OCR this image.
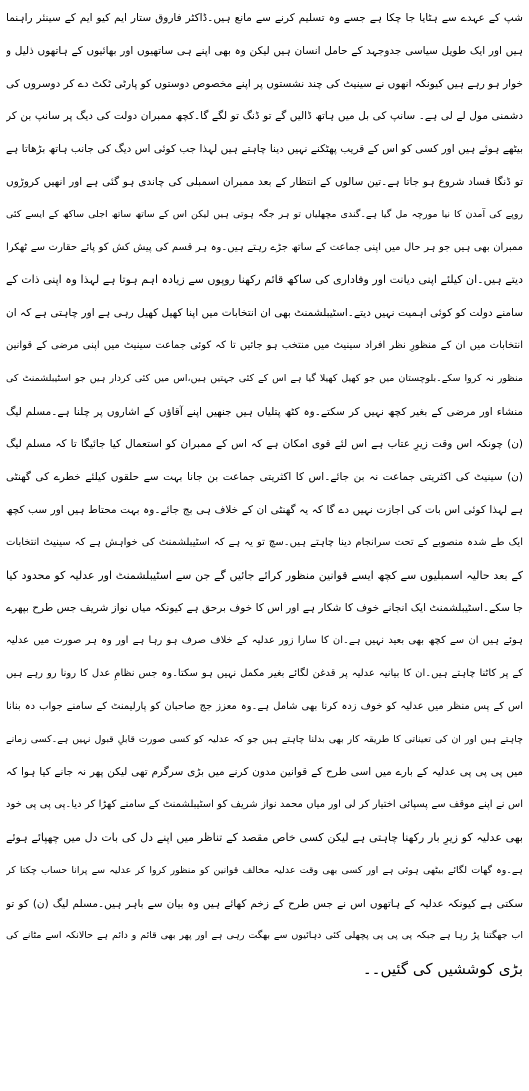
شپ کے عہدے سے ہٹایا جا چکا ہے جسے وہ تسلیم کرنے سے مانع ہیں۔ڈاکٹر فاروق ستار ایم کیو ایم کے سینئر راہنما
ہیں اور ایک طویل سیاسی جدوجہد کے حامل انسان ہیں لیکن وہ بھی اپنے ہی ساتھیوں اور بھائیوں کے ہاتھوں ذلیل و
خوار ہو رہے ہیں کیونکہ انھوں نے سینیٹ کی چند نشستوں پر اپنے مخصوص دوستوں کو پارٹی ٹکٹ دے کر دوسروں کی
دشمنی مول لے لی ہے۔ سانپ کی بل میں ہاتھ ڈالیں گے تو ڈنگ تو لگے گا۔کچھ ممبران دولت کی دیگ پر سانپ بن کر
بیٹھے ہوئے ہیں اور کسی کو اس کے قریب پھٹکنے نہیں دینا چاہتے ہیں لہذا جب کوئی اس دیگ کی جانب ہاتھ بڑھاتا ہے
تو ڈنگا فساد شروع ہو جاتا ہے۔تین سالوں کے انتظار کے بعد ممبران اسمبلی کی چاندی ہو گئی ہے اور انھیں کروڑوں
روپے کی آمدن کا نیا مورچہ مل گیا ہے۔گندی مچھلیاں تو ہر جگہ ہوتی ہیں لیکن اس کے ساتھ ساتھ اجلی ساکھ کے ایسے کئی
ممبران بھی ہیں جو ہر حال میں اپنی جماعت کے ساتھ جڑے رہتے ہیں۔وہ ہر قسم کی پیش کش کو پائے حقارت سے ٹھکرا
دیتے ہیں۔ان کیلئے اپنی دیانت اور وفاداری کی ساکھ قائم رکھنا روپوں سے زیادہ اہم ہوتا ہے لہذا وہ اپنی ذات کے
سامنے دولت کو کوئی اہمیت نہیں دیتے۔اسٹیبلشمنٹ بھی ان انتخابات میں اپنا کھیل کھیل رہی ہے اور چاہتی ہے کہ ان
انتخابات میں ان کے منظورِ نظر افراد سینیٹ میں منتخب ہو جائیں تا کہ کوئی جماعت سینیٹ میں اپنی مرضی کے قوانین
منظور نہ کروا سکے۔بلوچستان میں جو کھیل کھیلا گیا ہے اس کے کئی جہتیں ہیں،اس میں کئی کردار ہیں جو اسٹیبلشمنٹ کی
منشاء اور مرضی کے بغیر کچھ نہیں کر سکتے۔وہ کٹھ پتلیاں ہیں جنھیں اپنے آقاؤں کے اشاروں پر چلنا ہے۔مسلم لیگ
(ن) چونکہ اس وقت زیرِ عتاب ہے اس لئے قوی امکان ہے کہ اس کے ممبران کو استعمال کیا جائیگا تا کہ مسلم لیگ
(ن) سینیٹ کی اکثریتی جماعت نہ بن جائے۔اس کا اکثریتی جماعت بن جانا بہت سے حلقوں کیلئے خطرے کی گھنٹی
ہے لہذا کوئی اس بات کی اجازت نہیں دے گا کہ یہ گھنٹی ان کے خلاف ہی بج جائے۔وہ بہت محتاط ہیں اور سب کچھ
ایک طے شدہ منصوبے کے تحت سرانجام دینا چاہتے ہیں۔سچ تو یہ ہے کہ اسٹیبلشمنٹ کی خواہش ہے کہ سینیٹ انتخابات
کے بعد حالیہ اسمبلیوں سے کچھ ایسے قوانین منظور کرائے جائیں گے جن سے اسٹیبلشمنٹ اور عدلیہ کو محدود کیا
جا سکے۔اسٹیبلشمنٹ ایک انجانے خوف کا شکار ہے اور اس کا خوف برحق ہے کیونکہ میاں نواز شریف جس طرح بپھرے
ہوئے ہیں ان سے کچھ بھی بعید نہیں ہے۔ان کا سارا زور عدلیہ کے خلاف صرف ہو رہا ہے اور وہ ہر صورت میں عدلیہ
کے پر کاٹنا چاہتے ہیں۔ان کا بیانیہ عدلیہ پر قدغن لگائے بغیر مکمل نہیں ہو سکتا۔وہ جس نظامِ عدل کا رونا رو رہے ہیں
اس کے پس منظر میں عدلیہ کو خوف زدہ کرنا بھی شامل ہے۔وہ معزز جج صاحبان کو پارلیمنٹ کے سامنے جواب دہ بنانا
چاہتے ہیں اور ان کی تعیناتی کا طریقہ کار بھی بدلنا چاہتے ہیں جو کہ عدلیہ کو کسی صورت قابلِ قبول نہیں ہے۔کسی زمانے
میں پی پی پی عدلیہ کے بارے میں اسی طرح کے قوانین مدون کرنے میں بڑی سرگرم تھی لیکن پھر نہ جانے کیا ہوا کہ
اس نے اپنے موقف سے پسپائی اختیار کر لی اور میاں محمد نواز شریف کو اسٹیبلشمنٹ کے سامنے کھڑا کر دیا۔پی پی پی خود
بھی عدلیہ کو زیرِ بار رکھنا چاہتی ہے لیکن کسی خاص مقصد کے تناظر میں اپنے دل کی بات دل میں چھپائے ہوئے
ہے۔وہ گھات لگائے بیٹھی ہوئی ہے اور کسی بھی وقت عدلیہ مخالف قوانین کو منظور کروا کر عدلیہ سے پرانا حساب چکتا کر
سکتی ہے کیونکہ عدلیہ کے ہاتھوں اس نے جس طرح کے زخم کھائے ہیں وہ بیان سے باہر ہیں۔مسلم لیگ (ن) کو تو
اب جھگتنا پڑ رہا ہے جبکہ پی پی پی پچھلی کئی دہائیوں سے بھگت رہی ہے اور پھر بھی قائم و دائم ہے حالانکہ اسے مٹانے کی
بڑی کوششیں کی گئیں۔۔
